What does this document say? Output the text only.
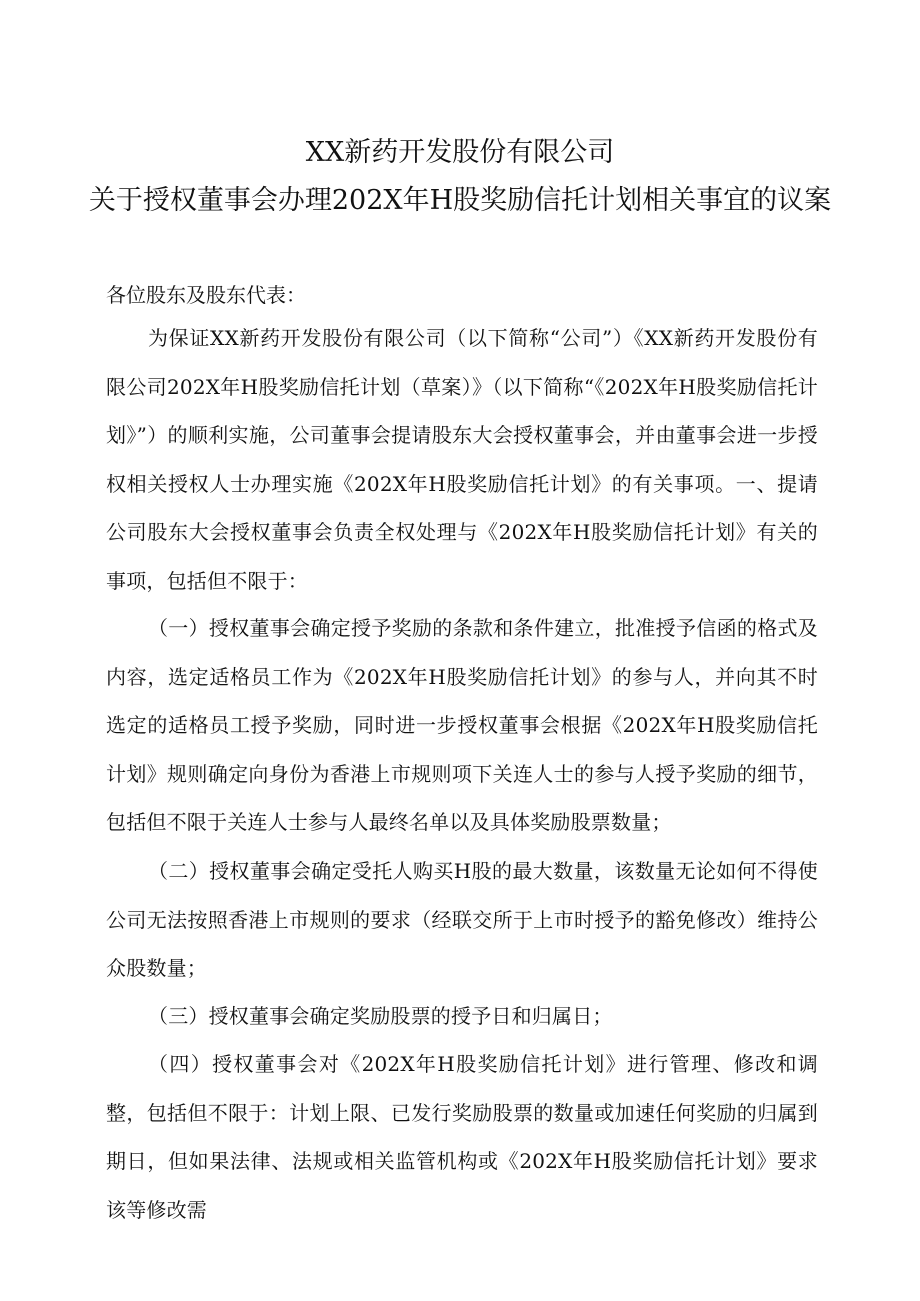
XX新药开发股份有限公司
关于授权董事会办理202X年H股奖励信托计划相关事宜的议案
各位股东及股东代表：

为保证XX新药开发股份有限公司（以下简称“公司”）《XX新药开发股份有限公司202X年H股奖励信托计划（草案）》（以下简称“《202X年H股奖励信托计划》”）的顺利实施，公司董事会提请股东大会授权董事会，并由董事会进一步授权相关授权人士办理实施《202X年H股奖励信托计划》的有关事项。一、提请公司股东大会授权董事会负责全权处理与《202X年H股奖励信托计划》有关的事项，包括但不限于：

（一）授权董事会确定授予奖励的条款和条件建立，批准授予信函的格式及内容，选定适格员工作为《202X年H股奖励信托计划》的参与人，并向其不时选定的适格员工授予奖励，同时进一步授权董事会根据《202X年H股奖励信托计划》规则确定向身份为香港上市规则项下关连人士的参与人授予奖励的细节，包括但不限于关连人士参与人最终名单以及具体奖励股票数量；

（二）授权董事会确定受托人购买H股的最大数量，该数量无论如何不得使公司无法按照香港上市规则的要求（经联交所于上市时授予的豁免修改）维持公众股数量；

（三）授权董事会确定奖励股票的授予日和归属日；

（四）授权董事会对《202X年H股奖励信托计划》进行管理、修改和调整，包括但不限于：计划上限、已发行奖励股票的数量或加速任何奖励的归属到期日，但如果法律、法规或相关监管机构或《202X年H股奖励信托计划》要求该等修改需
